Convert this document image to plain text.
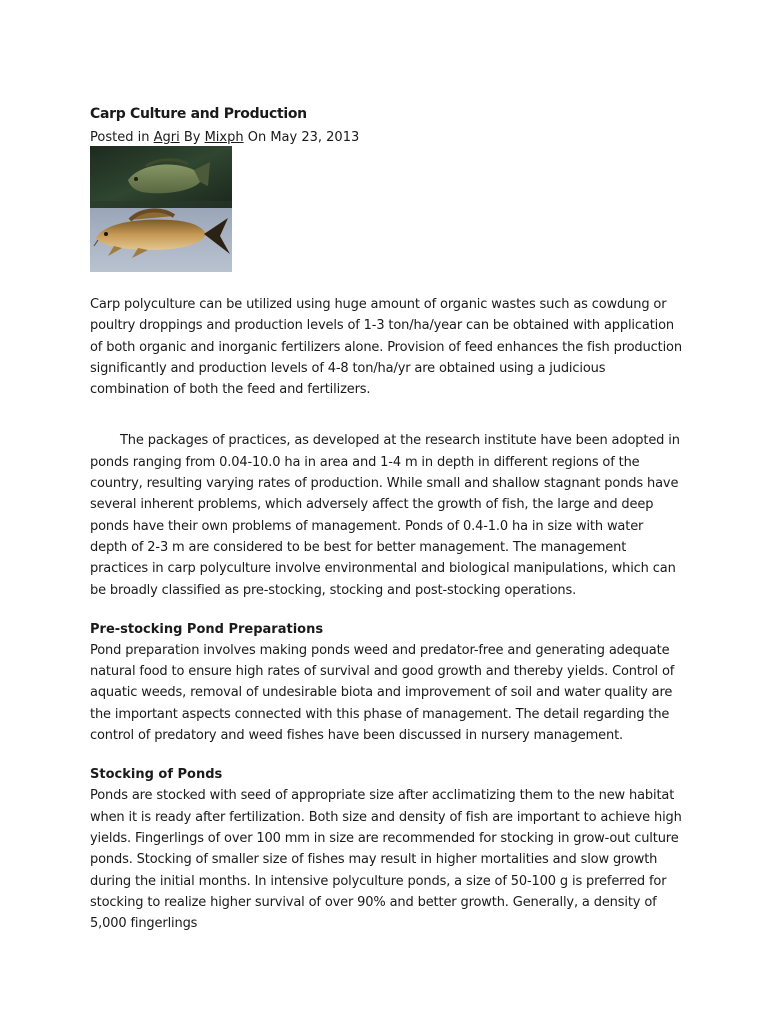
Carp Culture and Production
Posted in Agri By Mixph On May 23, 2013

Carp polyculture can be utilized using huge amount of organic wastes such as cowdung or poultry droppings and production levels of 1-3 ton/ha/year can be obtained with application of both organic and inorganic fertilizers alone. Provision of feed enhances the fish production significantly and production levels of 4-8 ton/ha/yr are obtained using a judicious combination of both the feed and fertilizers.

The packages of practices, as developed at the research institute have been adopted in ponds ranging from 0.04-10.0 ha in area and 1-4 m in depth in different regions of the country, resulting varying rates of production. While small and shallow stagnant ponds have several inherent problems, which adversely affect the growth of fish, the large and deep ponds have their own problems of management. Ponds of 0.4-1.0 ha in size with water depth of 2-3 m are considered to be best for better management. The management practices in carp polyculture involve environmental and biological manipulations, which can be broadly classified as pre-stocking, stocking and post-stocking operations.

Pre-stocking Pond Preparations

Pond preparation involves making ponds weed and predator-free and generating adequate natural food to ensure high rates of survival and good growth and thereby yields. Control of aquatic weeds, removal of undesirable biota and improvement of soil and water quality are the important aspects connected with this phase of management. The detail regarding the control of predatory and weed fishes have been discussed in nursery management.

Stocking of Ponds

Ponds are stocked with seed of appropriate size after acclimatizing them to the new habitat when it is ready after fertilization. Both size and density of fish are important to achieve high yields. Fingerlings of over 100 mm in size are recommended for stocking in grow-out culture ponds. Stocking of smaller size of fishes may result in higher mortalities and slow growth during the initial months. In intensive polyculture ponds, a size of 50-100 g is preferred for stocking to realize higher survival of over 90% and better growth. Generally, a density of 5,000 fingerlings
